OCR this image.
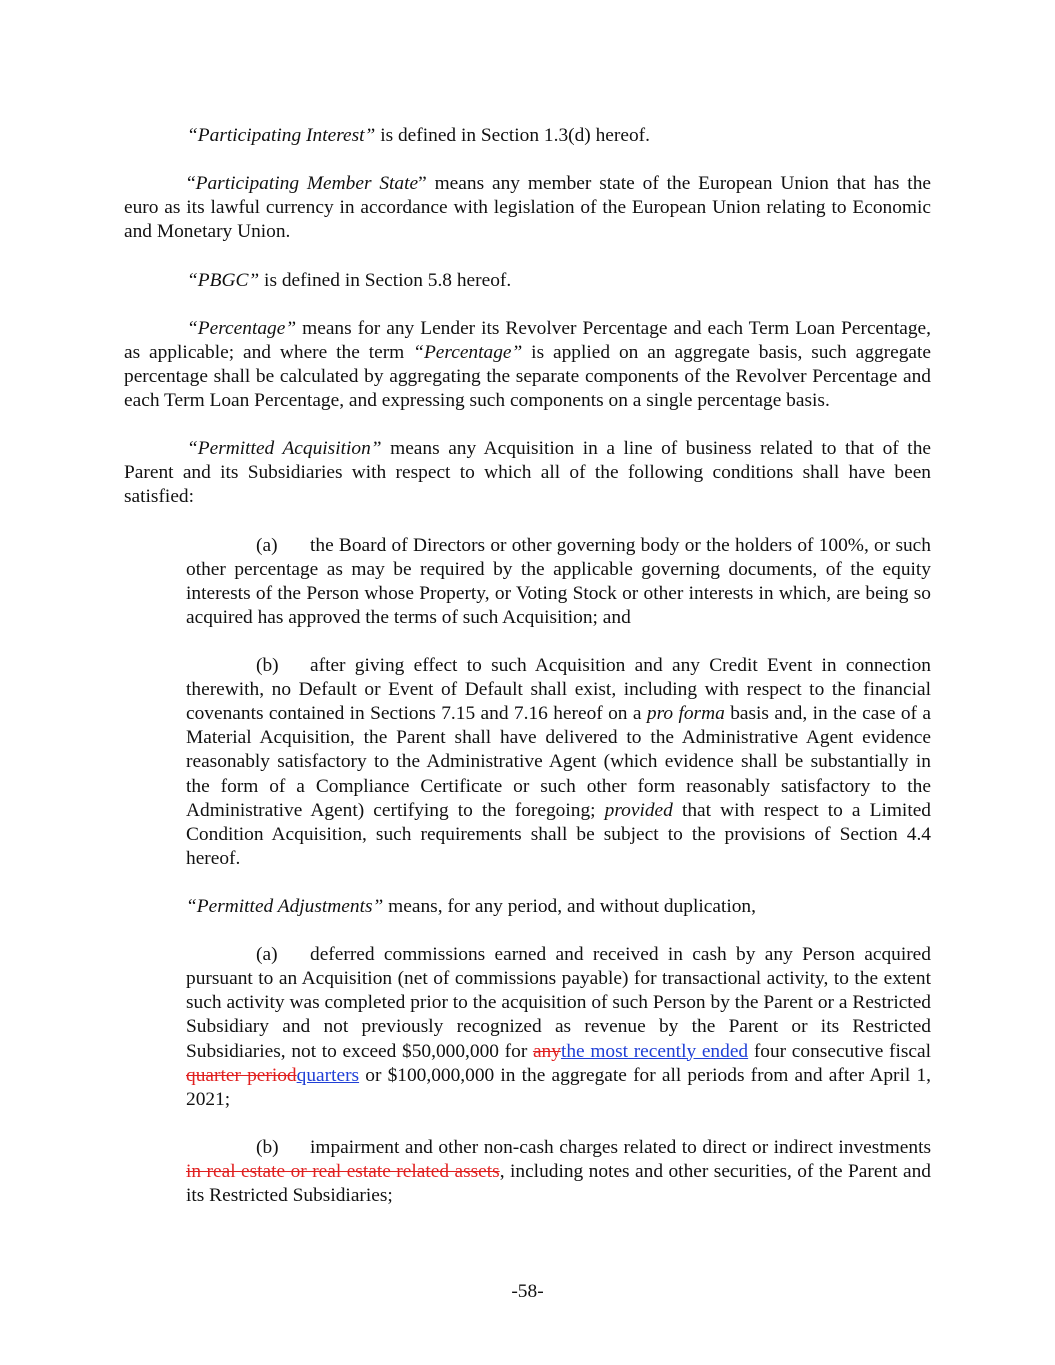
“Participating Interest” is defined in Section 1.3(d) hereof.

“Participating Member State” means any member state of the European Union that has the euro as its lawful currency in accordance with legislation of the European Union relating to Economic and Monetary Union.

“PBGC” is defined in Section 5.8 hereof.

“Percentage” means for any Lender its Revolver Percentage and each Term Loan Percentage, as applicable; and where the term “Percentage” is applied on an aggregate basis, such aggregate percentage shall be calculated by aggregating the separate components of the Revolver Percentage and each Term Loan Percentage, and expressing such components on a single percentage basis.

“Permitted Acquisition” means any Acquisition in a line of business related to that of the Parent and its Subsidiaries with respect to which all of the following conditions shall have been satisfied:

(a) the Board of Directors or other governing body or the holders of 100%, or such other percentage as may be required by the applicable governing documents, of the equity interests of the Person whose Property, or Voting Stock or other interests in which, are being so acquired has approved the terms of such Acquisition; and

(b) after giving effect to such Acquisition and any Credit Event in connection therewith, no Default or Event of Default shall exist, including with respect to the financial covenants contained in Sections 7.15 and 7.16 hereof on a pro forma basis and, in the case of a Material Acquisition, the Parent shall have delivered to the Administrative Agent evidence reasonably satisfactory to the Administrative Agent (which evidence shall be substantially in the form of a Compliance Certificate or such other form reasonably satisfactory to the Administrative Agent) certifying to the foregoing; provided that with respect to a Limited Condition Acquisition, such requirements shall be subject to the provisions of Section 4.4 hereof.

“Permitted Adjustments” means, for any period, and without duplication,

(a) deferred commissions earned and received in cash by any Person acquired pursuant to an Acquisition (net of commissions payable) for transactional activity, to the extent such activity was completed prior to the acquisition of such Person by the Parent or a Restricted Subsidiary and not previously recognized as revenue by the Parent or its Restricted Subsidiaries, not to exceed $50,000,000 for anythe most recently ended four consecutive fiscal quarter periodquarters or $100,000,000 in the aggregate for all periods from and after April 1, 2021;

(b) impairment and other non-cash charges related to direct or indirect investments in real estate or real estate related assets, including notes and other securities, of the Parent and its Restricted Subsidiaries;

-58-
